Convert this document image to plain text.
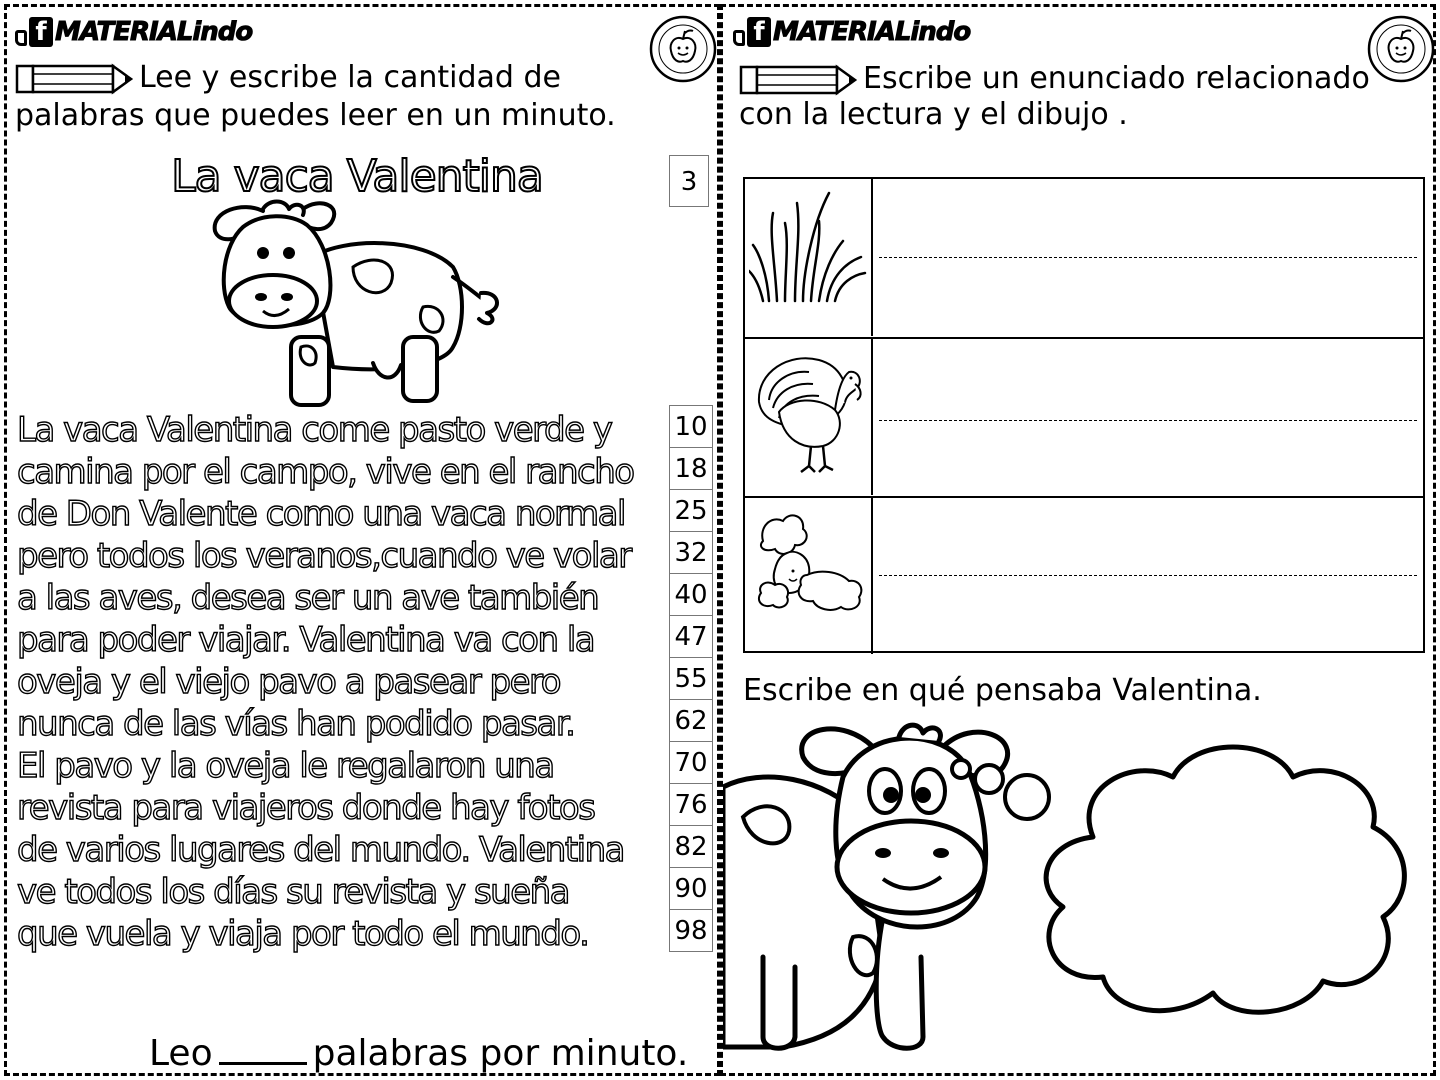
f MATERIALindo
Lee y escribe la cantidad de palabras que puedes leer en un minuto.
La vaca Valentina	3
La vaca Valentina come pasto verde y
camina por el campo, vive en el rancho
de Don Valente como una vaca normal
pero todos los veranos,cuando ve volar
a las aves, desea ser un ave también
para poder viajar. Valentina va con la
oveja y el viejo pavo a pasear pero
nunca de las vías han podido pasar.
El pavo y la oveja le regalaron una
revista para viajeros donde hay fotos
de varios lugares del mundo. Valentina
ve todos los días su revista y sueña
que vuela y viaja por todo el mundo.
10
18
25
32
40
47
55
62
70
76
82
90
98
Leo	palabras por minuto.
f MATERIALindo
Escribe un enunciado relacionado con la lectura y el dibujo .
Escribe en qué pensaba Valentina.
